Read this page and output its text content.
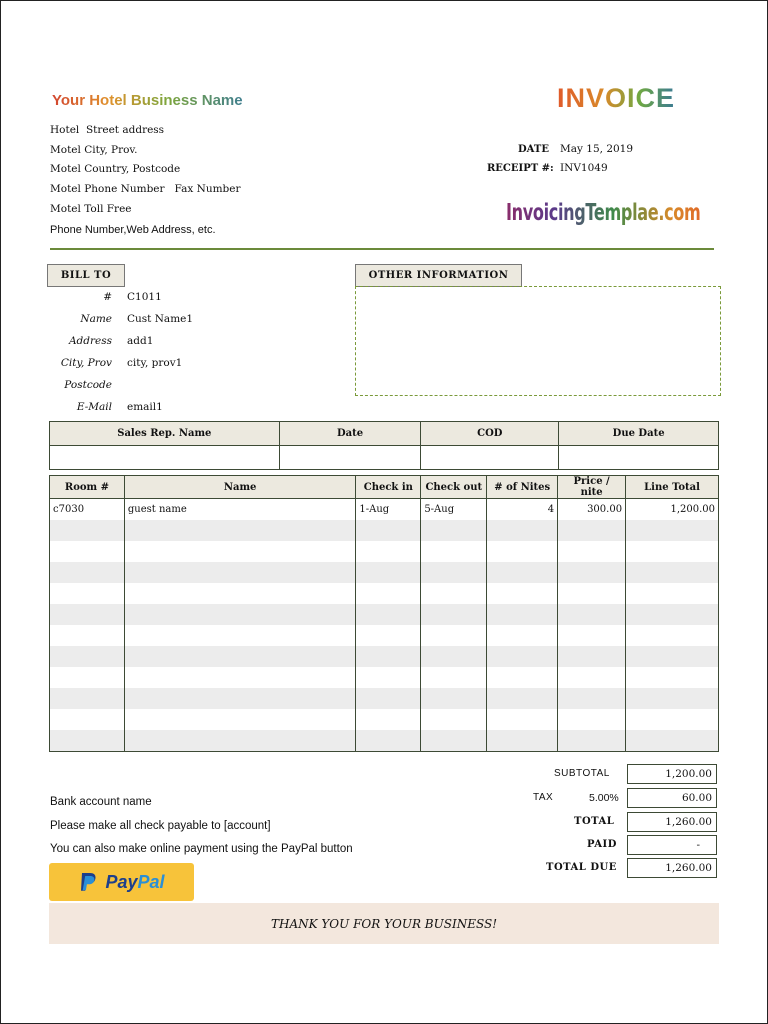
Your Hotel Business Name	INVOICE
Hotel  Street address
Motel City, Prov.
Motel Country, Postcode
Motel Phone Number   Fax Number
Motel Toll Free
Phone Number,Web Address, etc.
DATE May 15, 2019
RECEIPT #: INV1049
InvoicingTemplae.com
BILL TO
# C1011
Name Cust Name1
Address add1
City, Prov city, prov1
Postcode
E-Mail email1
OTHER INFORMATION
Sales Rep. Name	Date	COD	Due Date

Room #	Name	Check in	Check out	# of Nites	Price / nite	Line Total
c7030	guest name	1-Aug	5-Aug	4	300.00	1,200.00

SUBTOTAL	1,200.00
TAX	5.00%	60.00
TOTAL	1,260.00
PAID	-
TOTAL DUE	1,260.00
Bank account name
Please make all check payable to [account]
You can also make online payment using the PayPal button
Pay Pal
THANK YOU FOR YOUR BUSINESS!
